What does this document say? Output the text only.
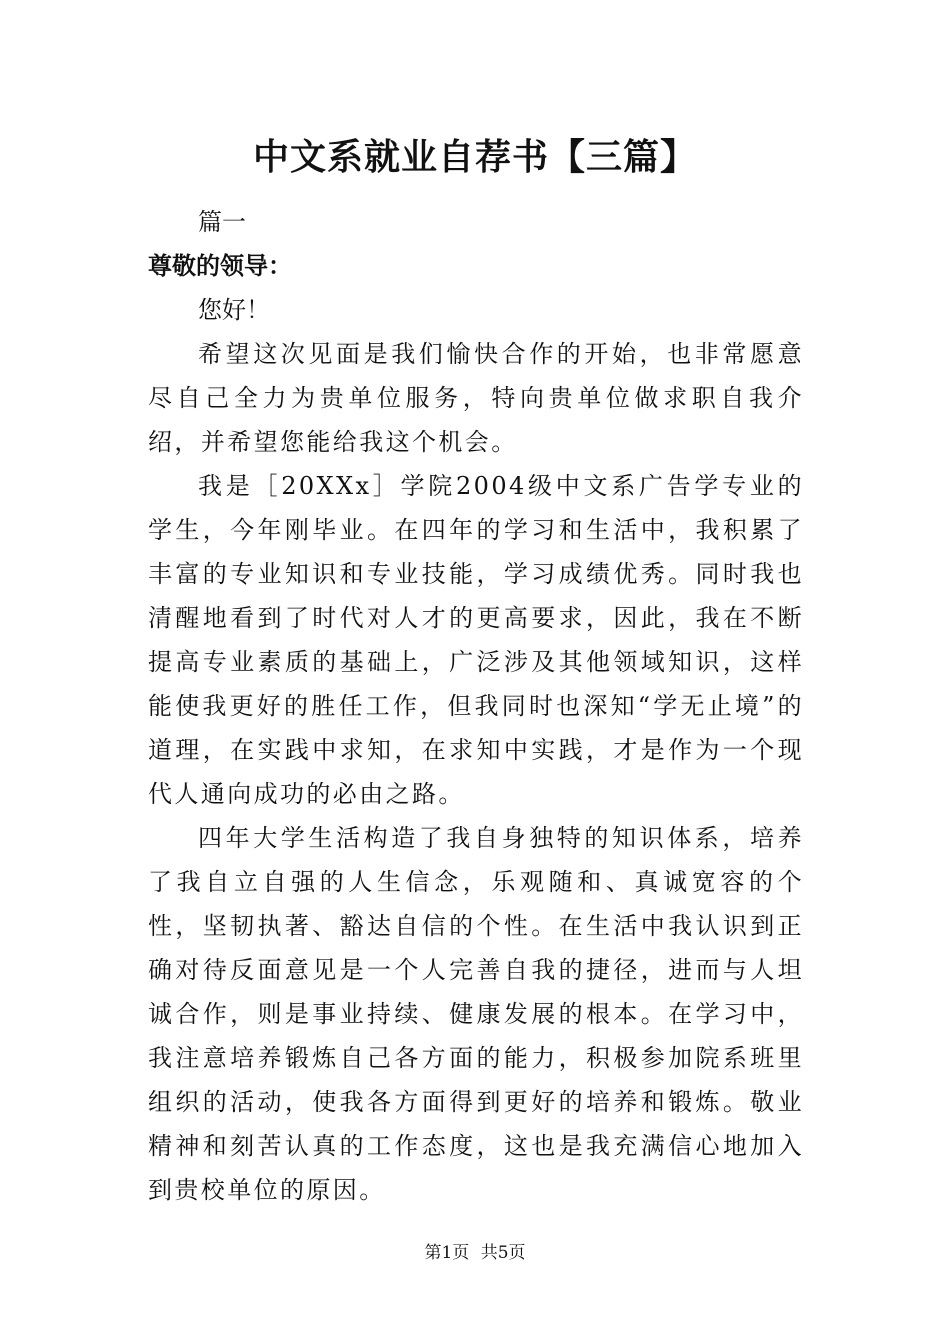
中文系就业自荐书【三篇】
篇一
尊敬的领导：
您好！

希望这次见面是我们愉快合作的开始，也非常愿意尽自己全力为贵单位服务，特向贵单位做求职自我介绍，并希望您能给我这个机会。

我是［20XXx］学院2004级中文系广告学专业的学生，今年刚毕业。在四年的学习和生活中，我积累了丰富的专业知识和专业技能，学习成绩优秀。同时我也清醒地看到了时代对人才的更高要求，因此，我在不断提高专业素质的基础上，广泛涉及其他领域知识，这样能使我更好的胜任工作，但我同时也深知“学无止境”的道理，在实践中求知，在求知中实践，才是作为一个现代人通向成功的必由之路。

四年大学生活构造了我自身独特的知识体系，培养了我自立自强的人生信念，乐观随和、真诚宽容的个性，坚韧执著、豁达自信的个性。在生活中我认识到正确对待反面意见是一个人完善自我的捷径，进而与人坦诚合作，则是事业持续、健康发展的根本。在学习中，我注意培养锻炼自己各方面的能力，积极参加院系班里组织的活动，使我各方面得到更好的培养和锻炼。敬业精神和刻苦认真的工作态度，这也是我充满信心地加入到贵校单位的原因。

第1页 共5页
